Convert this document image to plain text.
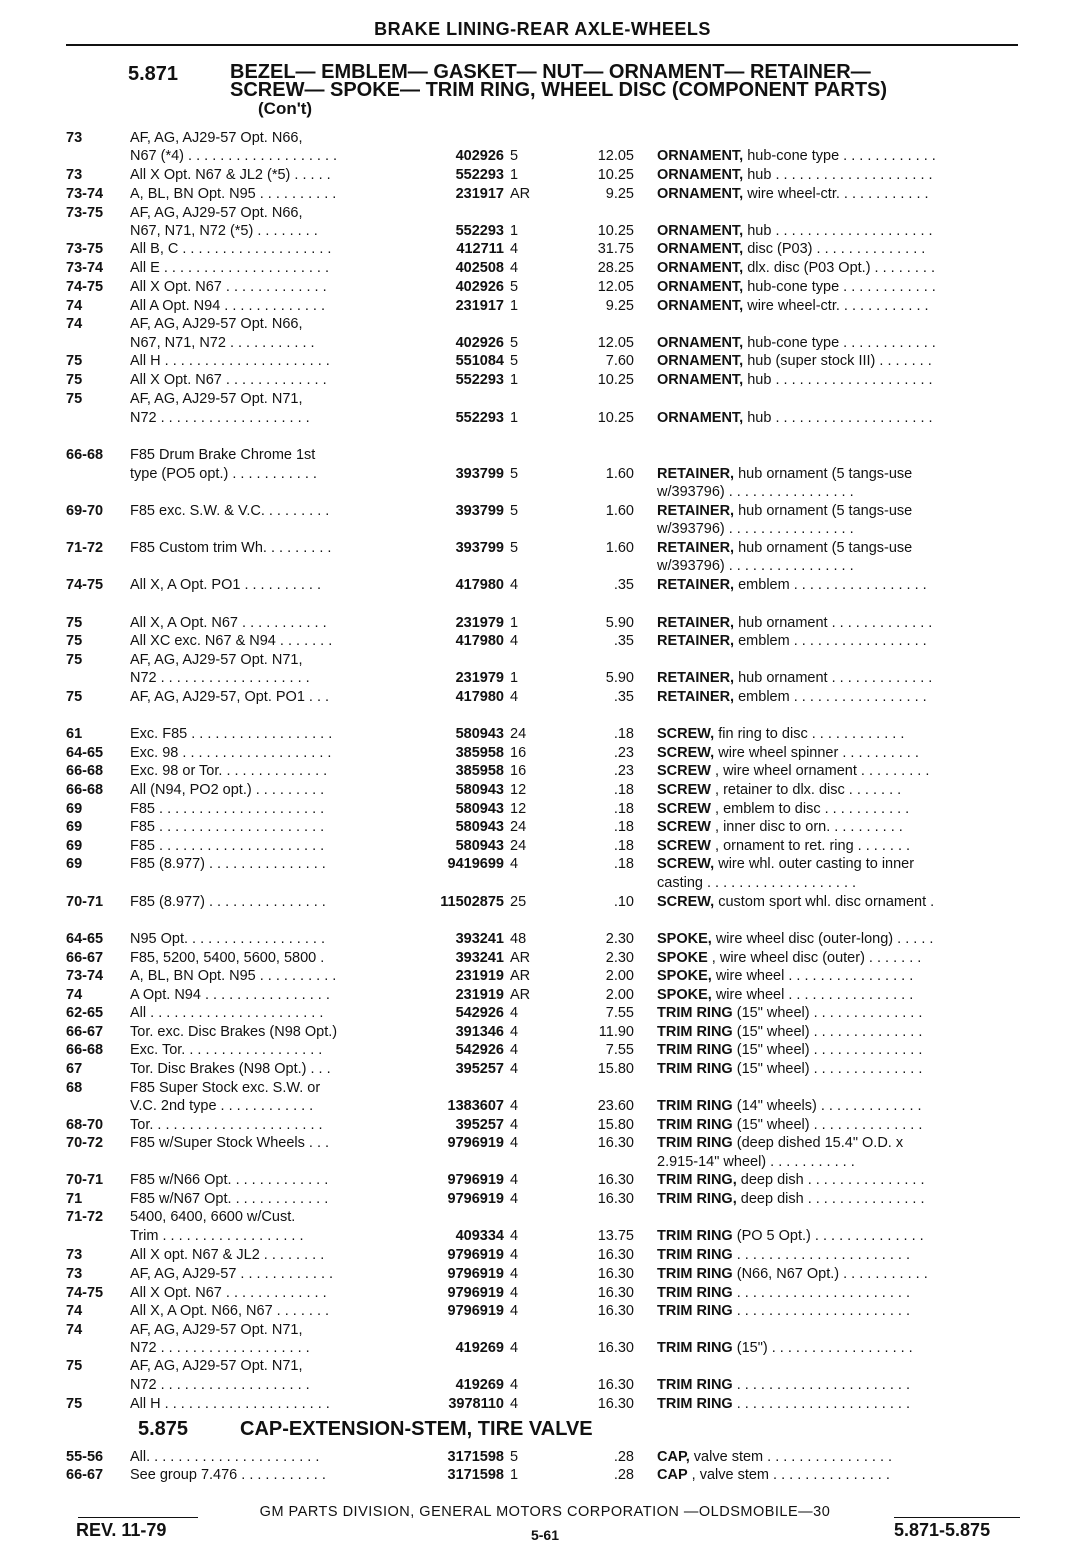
BRAKE LINING-REAR AXLE-WHEELS
5.871	BEZEL— EMBLEM— GASKET— NUT— ORNAMENT— RETAINER—
SCREW— SPOKE— TRIM RING, WHEEL DISC (COMPONENT PARTS)
(Con't)
73	AF, AG, AJ29-57 Opt. N66,
N67 (*4) . . . . . . . . . . . . . . . . . . .	402926 5	12.05 ORNAMENT, hub-cone type . . . . . . . . . . . .
73	All X Opt. N67 & JL2 (*5) . . . . .	552293 1	10.25 ORNAMENT, hub . . . . . . . . . . . . . . . . . . . .
73-74 A, BL, BN Opt. N95 . . . . . . . . . .	231917 AR	9.25 ORNAMENT, wire wheel-ctr. . . . . . . . . . . .
73-75 AF, AG, AJ29-57 Opt. N66,
N67, N71, N72 (*5) . . . . . . . .	552293 1	10.25 ORNAMENT, hub . . . . . . . . . . . . . . . . . . . .
73-75 All B, C . . . . . . . . . . . . . . . . . . .	412711 4	31.75 ORNAMENT, disc (P03) . . . . . . . . . . . . . .
73-74 All E . . . . . . . . . . . . . . . . . . . . .	402508 4	28.25 ORNAMENT, dlx. disc (P03 Opt.) . . . . . . . .
74-75 All X Opt. N67 . . . . . . . . . . . . .	402926 5	12.05 ORNAMENT, hub-cone type . . . . . . . . . . . .
74	All A Opt. N94 . . . . . . . . . . . . .	231917 1	9.25 ORNAMENT, wire wheel-ctr. . . . . . . . . . . .
74	AF, AG, AJ29-57 Opt. N66,
N67, N71, N72 . . . . . . . . . . .	402926 5	12.05 ORNAMENT, hub-cone type . . . . . . . . . . . .
75	All H . . . . . . . . . . . . . . . . . . . . .	551084 5	7.60 ORNAMENT, hub (super stock III) . . . . . . .
75	All X Opt. N67 . . . . . . . . . . . . .	552293 1	10.25 ORNAMENT, hub . . . . . . . . . . . . . . . . . . . .
75	AF, AG, AJ29-57 Opt. N71,
N72 . . . . . . . . . . . . . . . . . . .	552293 1	10.25 ORNAMENT, hub . . . . . . . . . . . . . . . . . . . .
66-68 F85 Drum Brake Chrome 1st
type (PO5 opt.) . . . . . . . . . . .	393799 5	1.60 RETAINER, hub ornament (5 tangs-use
w/393796) . . . . . . . . . . . . . . . .
69-70 F85 exc. S.W. & V.C. . . . . . . . .	393799 5	1.60 RETAINER, hub ornament (5 tangs-use
w/393796) . . . . . . . . . . . . . . . .
71-72 F85 Custom trim Wh. . . . . . . . .	393799 5	1.60 RETAINER, hub ornament (5 tangs-use
w/393796) . . . . . . . . . . . . . . . .
74-75 All X, A Opt. PO1 . . . . . . . . . .	417980 4	.35 RETAINER, emblem . . . . . . . . . . . . . . . . .
75	All X, A Opt. N67 . . . . . . . . . . .	231979 1	5.90 RETAINER, hub ornament . . . . . . . . . . . . .
75	All XC exc. N67 & N94 . . . . . . .	417980 4	.35 RETAINER, emblem . . . . . . . . . . . . . . . . .
75	AF, AG, AJ29-57 Opt. N71,
N72 . . . . . . . . . . . . . . . . . . .	231979 1	5.90 RETAINER, hub ornament . . . . . . . . . . . . .
75	AF, AG, AJ29-57, Opt. PO1 . . .	417980 4	.35 RETAINER, emblem . . . . . . . . . . . . . . . . .
61	Exc. F85 . . . . . . . . . . . . . . . . . .	580943 24	.18 SCREW, fin ring to disc . . . . . . . . . . . .
64-65 Exc. 98 . . . . . . . . . . . . . . . . . . .	385958 16	.23 SCREW, wire wheel spinner . . . . . . . . . .
66-68 Exc. 98 or Tor. . . . . . . . . . . . . .	385958 16	.23 SCREW , wire wheel ornament . . . . . . . . .
66-68 All (N94, PO2 opt.) . . . . . . . . .	580943 12	.18 SCREW , retainer to dlx. disc . . . . . . .
69	F85 . . . . . . . . . . . . . . . . . . . . .	580943 12	.18 SCREW , emblem to disc . . . . . . . . . . .
69	F85 . . . . . . . . . . . . . . . . . . . . .	580943 24	.18 SCREW , inner disc to orn. . . . . . . . . .
69	F85 . . . . . . . . . . . . . . . . . . . . .	580943 24	.18 SCREW , ornament to ret. ring . . . . . . .
69	F85 (8.977) . . . . . . . . . . . . . . .	9419699 4	.18 SCREW, wire whl. outer casting to inner
casting . . . . . . . . . . . . . . . . . . .
70-71 F85 (8.977) . . . . . . . . . . . . . . .	11502875 25	.10 SCREW, custom sport whl. disc ornament .
64-65 N95 Opt. . . . . . . . . . . . . . . . . .	393241 48	2.30 SPOKE, wire wheel disc (outer-long) . . . . .
66-67 F85, 5200, 5400, 5600, 5800 .	393241 AR	2.30 SPOKE , wire wheel disc (outer) . . . . . . .
73-74 A, BL, BN Opt. N95 . . . . . . . . . .	231919 AR	2.00 SPOKE, wire wheel . . . . . . . . . . . . . . . .
74	A Opt. N94 . . . . . . . . . . . . . . . .	231919 AR	2.00 SPOKE, wire wheel . . . . . . . . . . . . . . . .
62-65 All . . . . . . . . . . . . . . . . . . . . . .	542926 4	7.55 TRIM RING (15" wheel) . . . . . . . . . . . . . .
66-67 Tor. exc. Disc Brakes (N98 Opt.)	391346 4	11.90 TRIM RING (15" wheel) . . . . . . . . . . . . . .
66-68 Exc. Tor. . . . . . . . . . . . . . . . . .	542926 4	7.55 TRIM RING (15" wheel) . . . . . . . . . . . . . .
67	Tor. Disc Brakes (N98 Opt.) . . .	395257 4	15.80 TRIM RING (15" wheel) . . . . . . . . . . . . . .
68	F85 Super Stock exc. S.W. or
V.C. 2nd type . . . . . . . . . . . .	1383607 4	23.60 TRIM RING (14" wheels) . . . . . . . . . . . . .
68-70 Tor. . . . . . . . . . . . . . . . . . . . . .	395257 4	15.80 TRIM RING (15" wheel) . . . . . . . . . . . . . .
70-72 F85 w/Super Stock Wheels . . .	9796919 4	16.30 TRIM RING (deep dished 15.4" O.D. x
2.915-14" wheel) . . . . . . . . . . .
70-71 F85 w/N66 Opt. . . . . . . . . . . . .	9796919 4	16.30 TRIM RING, deep dish . . . . . . . . . . . . . . .
71	F85 w/N67 Opt. . . . . . . . . . . . .	9796919 4	16.30 TRIM RING, deep dish . . . . . . . . . . . . . . .
71-72 5400, 6400, 6600 w/Cust.
Trim . . . . . . . . . . . . . . . . . .	409334 4	13.75 TRIM RING (PO 5 Opt.) . . . . . . . . . . . . . .
73	All X opt. N67 & JL2 . . . . . . . .	9796919 4	16.30 TRIM RING . . . . . . . . . . . . . . . . . . . . . .
73	AF, AG, AJ29-57 . . . . . . . . . . . .	9796919 4	16.30 TRIM RING (N66, N67 Opt.) . . . . . . . . . . .
74-75 All X Opt. N67 . . . . . . . . . . . . .	9796919 4	16.30 TRIM RING . . . . . . . . . . . . . . . . . . . . . .
74	All X, A Opt. N66, N67 . . . . . . .	9796919 4	16.30 TRIM RING . . . . . . . . . . . . . . . . . . . . . .
74	AF, AG, AJ29-57 Opt. N71,
N72 . . . . . . . . . . . . . . . . . . .	419269 4	16.30 TRIM RING (15") . . . . . . . . . . . . . . . . . .
75	AF, AG, AJ29-57 Opt. N71,
N72 . . . . . . . . . . . . . . . . . . .	419269 4	16.30 TRIM RING . . . . . . . . . . . . . . . . . . . . . .
75	All H . . . . . . . . . . . . . . . . . . . . .	3978110 4	16.30 TRIM RING . . . . . . . . . . . . . . . . . . . . . .
5.875	CAP-EXTENSION-STEM, TIRE VALVE
55-56 All. . . . . . . . . . . . . . . . . . . . . .	3171598 5	.28 CAP, valve stem . . . . . . . . . . . . . . . .
66-67 See group 7.476 . . . . . . . . . . .	3171598 1	.28 CAP , valve stem . . . . . . . . . . . . . . .
GM PARTS DIVISION, GENERAL MOTORS CORPORATION —OLDSMOBILE—30
REV. 11-79	5-61	5.871-5.875
